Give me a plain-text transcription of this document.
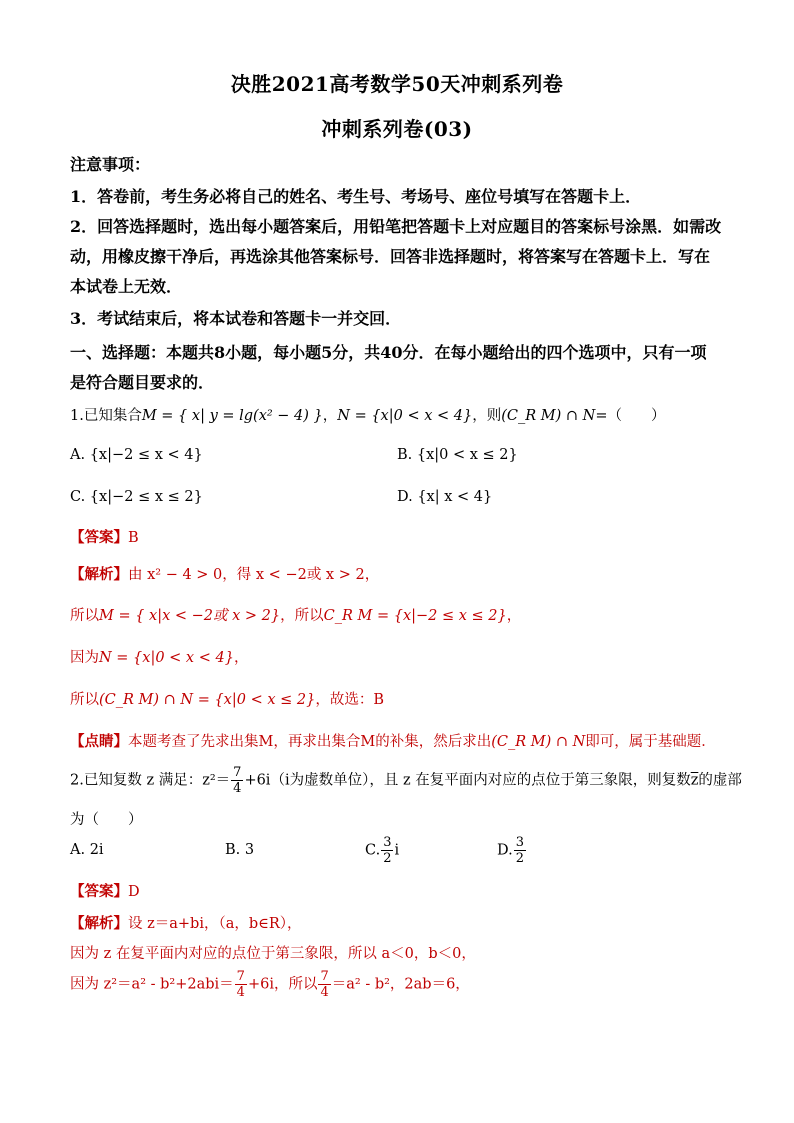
决胜2021高考数学50天冲刺系列卷
冲刺系列卷(03)
注意事项：
1．答卷前，考生务必将自己的姓名、考生号、考场号、座位号填写在答题卡上．
2．回答选择题时，选出每小题答案后，用铅笔把答题卡上对应题目的答案标号涂黑．如需改
动，用橡皮擦干净后，再选涂其他答案标号．回答非选择题时，将答案写在答题卡上．写在
本试卷上无效．
3．考试结束后，将本试卷和答题卡一并交回．
一、选择题：本题共8小题，每小题5分，共40分．在每小题给出的四个选项中，只有一项
是符合题目要求的．
1.已知集合M = { x| y = lg(x² − 4) }，N = {x|0 < x < 4}，则(C_R M) ∩ N=（　　）
A. {x|−2 ≤ x < 4}	B. {x|0 < x ≤ 2}
C. {x|−2 ≤ x ≤ 2}	D. {x| x < 4}
【答案】B
【解析】由 x² − 4 > 0，得 x < −2或 x > 2，
所以M = { x|x < −2或 x > 2}，所以C_R M = {x|−2 ≤ x ≤ 2}，
因为N = {x|0 < x < 4}，
所以(C_R M) ∩ N = {x|0 < x ≤ 2}，故选：B
【点睛】本题考查了先求出集M，再求出集合M的补集，然后求出(C_R M) ∩ N即可，属于基础题．
2.已知复数 z 满足：$z^2= \frac{7}{4} +6i(i$为虚数单位），且 z 在复平面内对应的点位于第三象限，则复数$\overline{z}$的虚部
为（　　）
A. 2i	B. 3	C. $\frac{3}{2}$ i	D. $\frac{3}{2}$
【答案】D
【解析】设 z＝a+bi，（a，b∈R），
因为 z 在复平面内对应的点位于第三象限，所以 a＜0，b＜0，
因为 $z^2=a^2 - b^2+2abi= \frac{7}{4} +6i$，所以 $\frac{7}{4} =a^2 - b^2$，2ab＝6，
